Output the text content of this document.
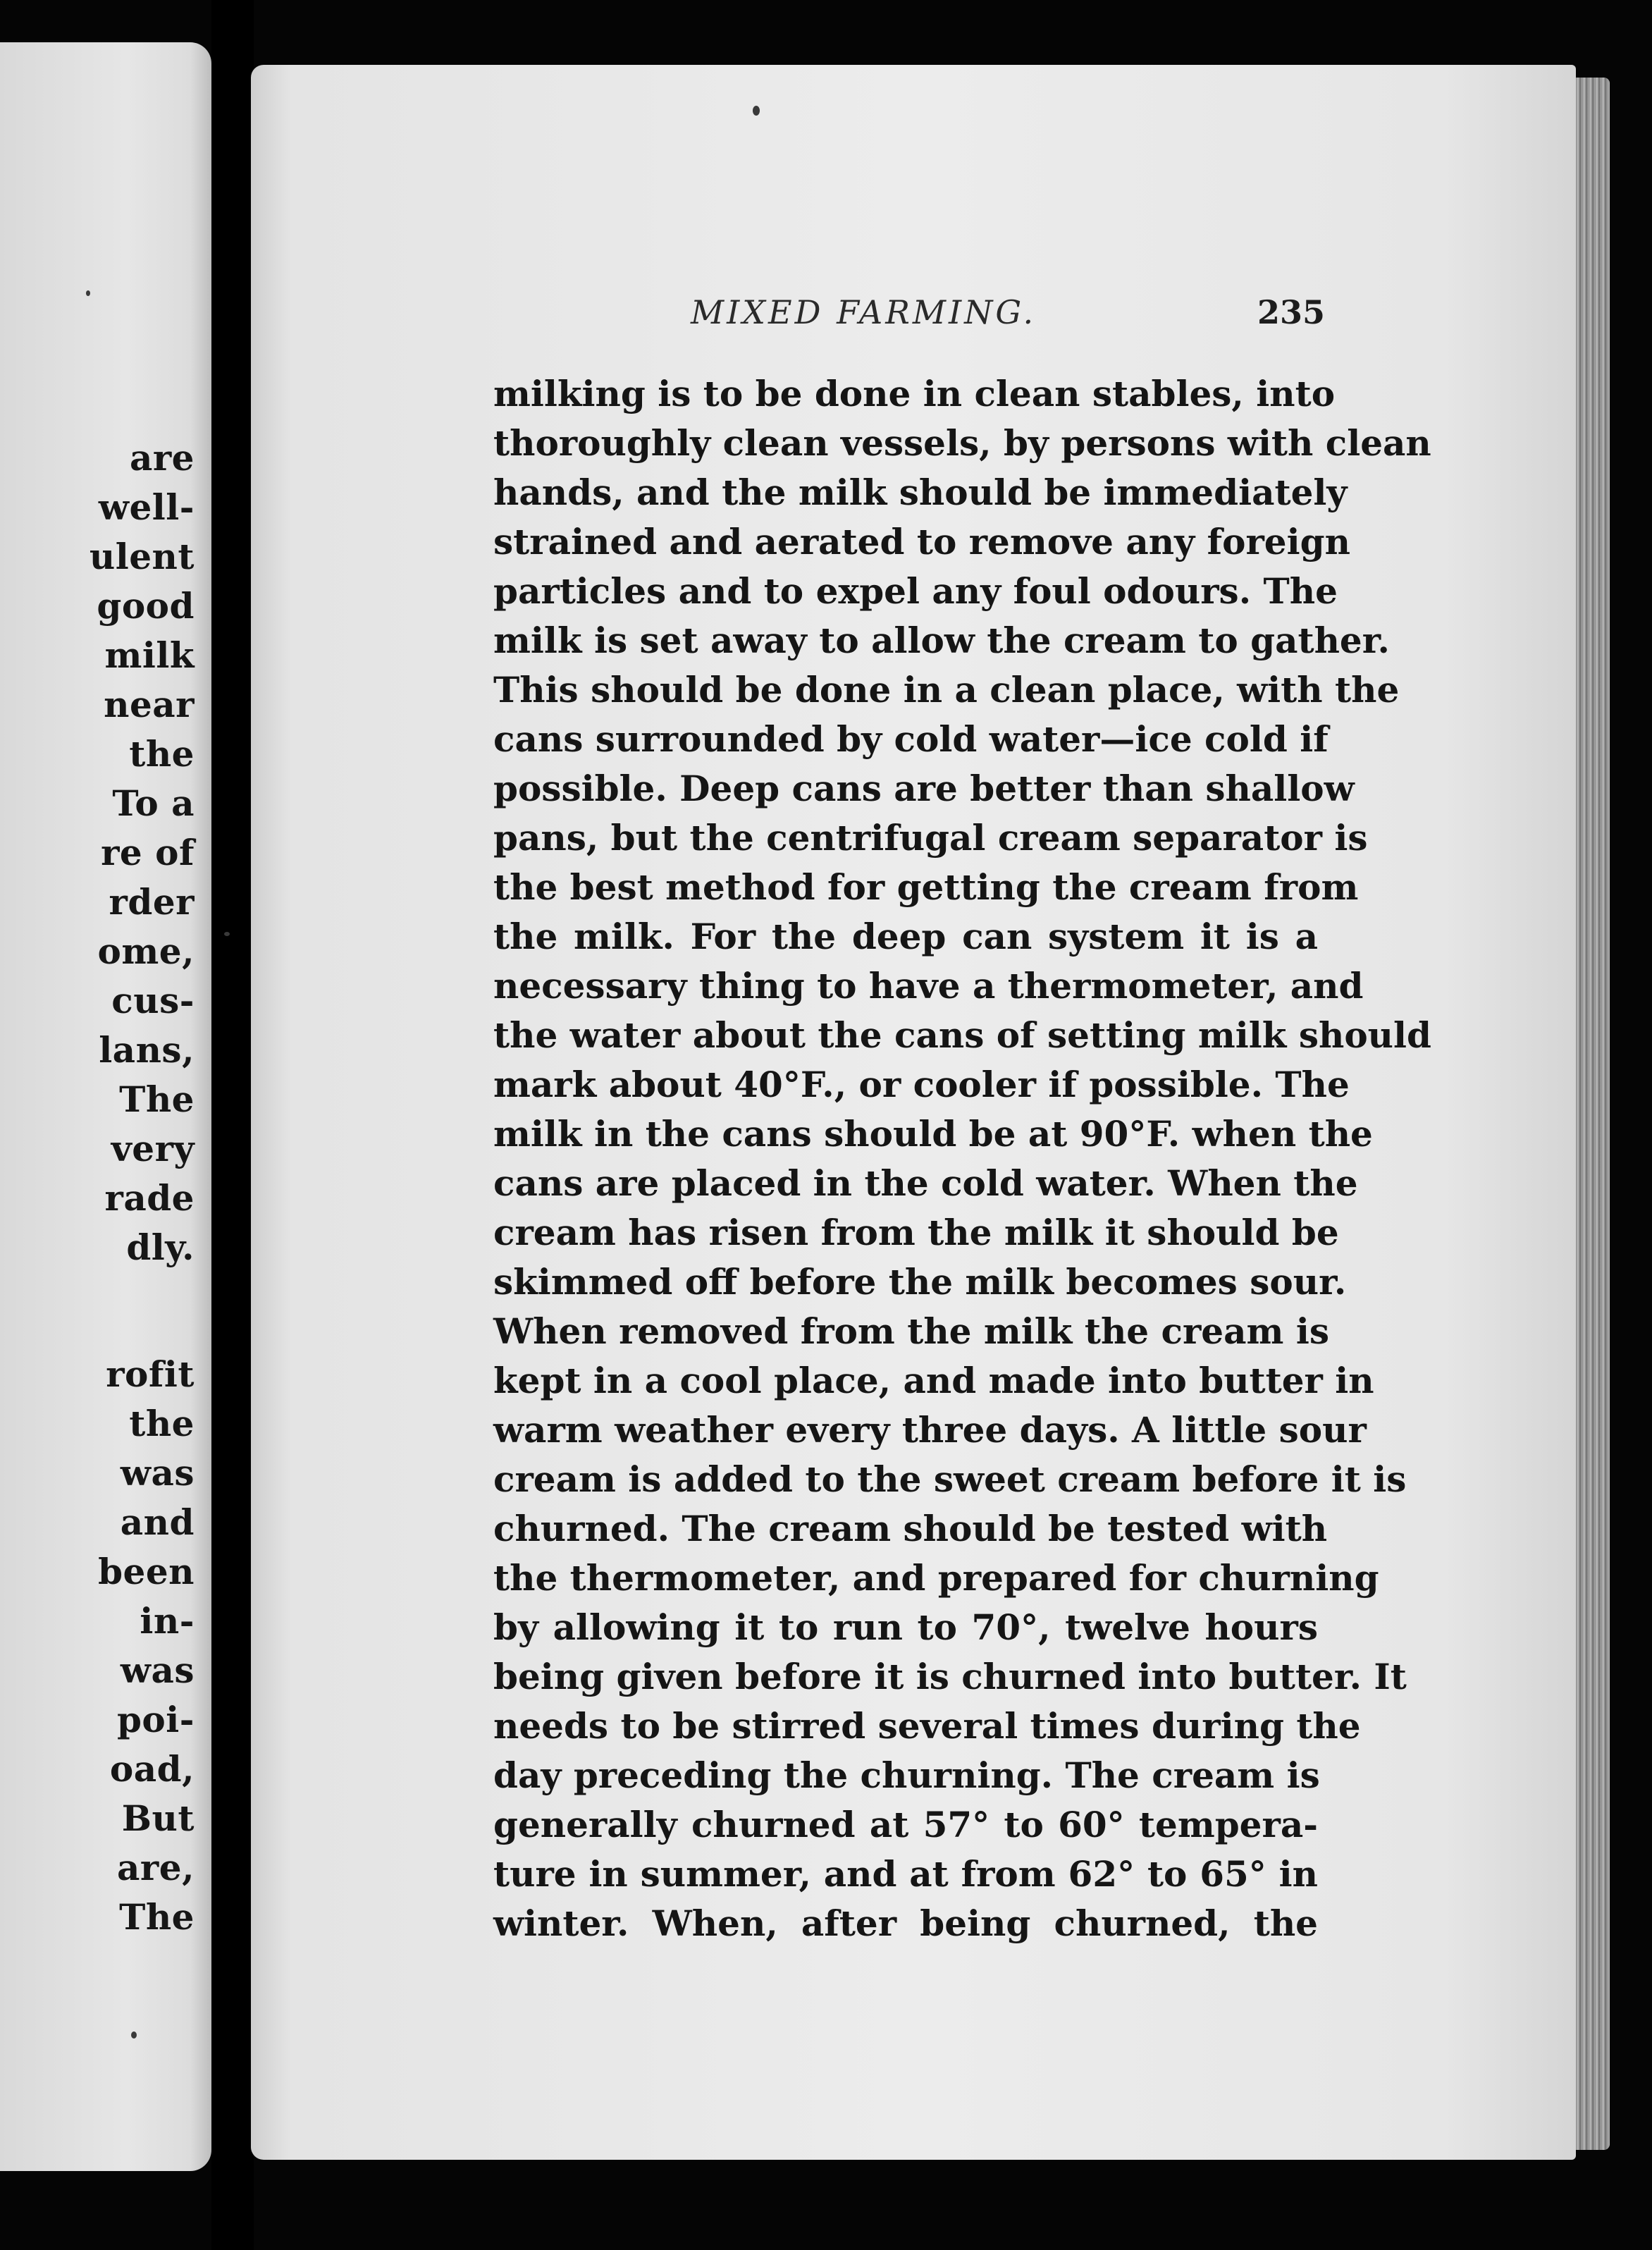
are
well-
ulent
good
milk
near
the
To a
re of
rder
ome,
cus-
lans,
The
very
rade
dly.
rofit
the
was
and
been
in-
was
poi-
oad,
But
are,
The
MIXED FARMING.	235
milking is to be done in clean stables, into
thoroughly clean vessels, by persons with clean
hands, and the milk should be immediately
strained and aerated to remove any foreign
particles and to expel any foul odours. The
milk is set away to allow the cream to gather.
This should be done in a clean place, with the
cans surrounded by cold water—ice cold if
possible. Deep cans are better than shallow
pans, but the centrifugal cream separator is
the best method for getting the cream from
the milk. For the deep can system it is a
necessary thing to have a thermometer, and
the water about the cans of setting milk should
mark about 40°F., or cooler if possible. The
milk in the cans should be at 90°F. when the
cans are placed in the cold water. When the
cream has risen from the milk it should be
skimmed off before the milk becomes sour.
When removed from the milk the cream is
kept in a cool place, and made into butter in
warm weather every three days. A little sour
cream is added to the sweet cream before it is
churned. The cream should be tested with
the thermometer, and prepared for churning
by allowing it to run to 70°, twelve hours
being given before it is churned into butter. It
needs to be stirred several times during the
day preceding the churning. The cream is
generally churned at 57° to 60° tempera-
ture in summer, and at from 62° to 65° in
winter. When, after being churned, the
